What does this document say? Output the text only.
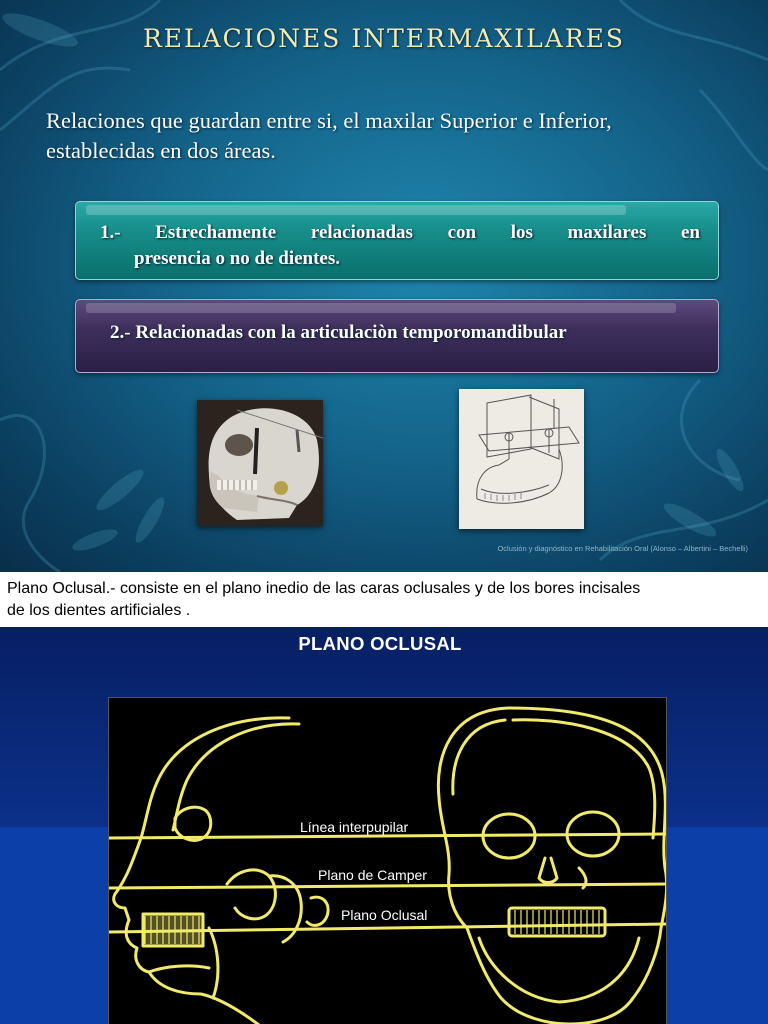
RELACIONES INTERMAXILARES
Relaciones que guardan entre si, el maxilar Superior e Inferior,
establecidas en dos áreas.
1.- Estrechamente relacionadas con los maxilares en
presencia o no de dientes.
2.- Relacionadas con la articulaciòn temporomandibular
Oclusión y diagnóstico en Rehabilitación Oral (Alonso – Albertini – Bechelli)
Plano Oclusal.- consiste en el plano inedio de las caras oclusales y de los bores incisales
de los dientes artificiales .
PLANO OCLUSAL
Línea interpupilar
Plano de Camper
Plano Oclusal
